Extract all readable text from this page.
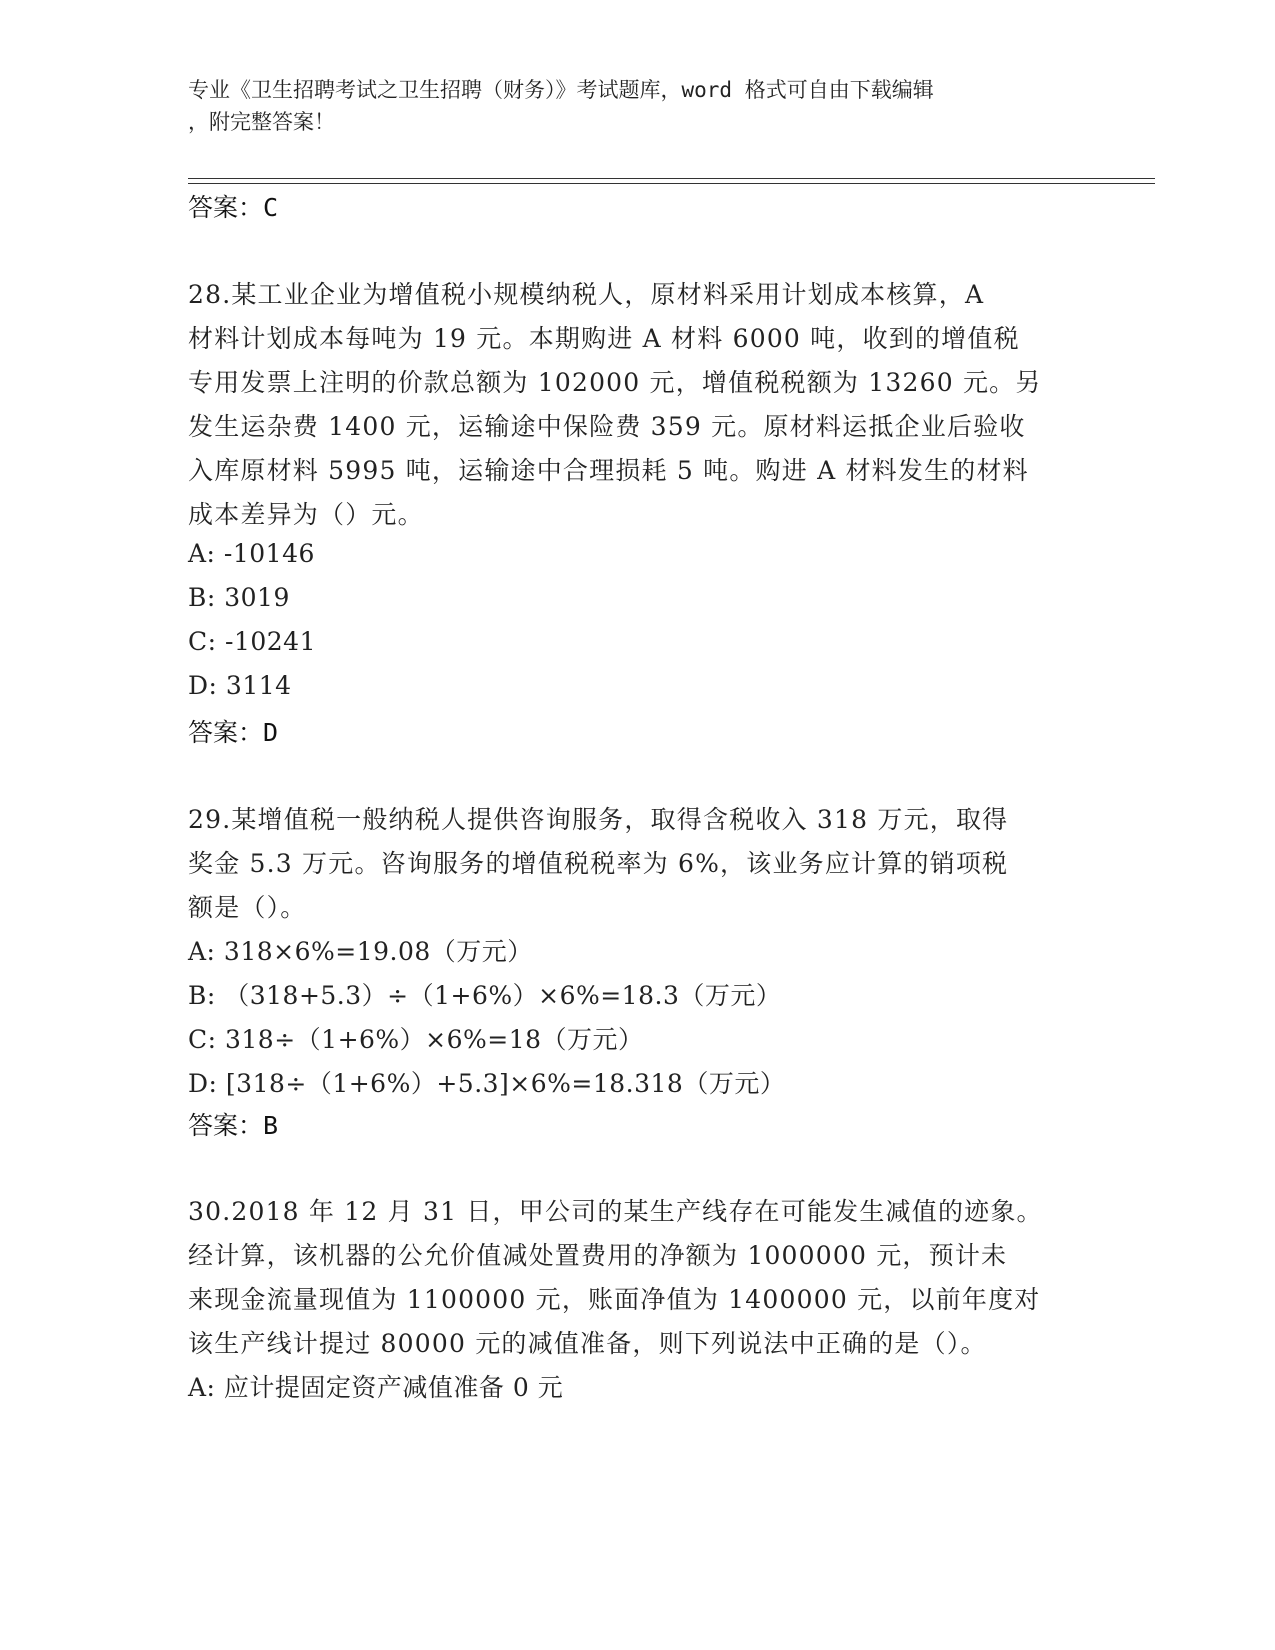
专业《卫生招聘考试之卫生招聘（财务）》考试题库，word 格式可自由下载编辑
，附完整答案！
答案：C
28.某工业企业为增值税小规模纳税人，原材料采用计划成本核算，A
材料计划成本每吨为 19 元。本期购进 A 材料 6000 吨，收到的增值税
专用发票上注明的价款总额为 102000 元，增值税税额为 13260 元。另
发生运杂费 1400 元，运输途中保险费 359 元。原材料运抵企业后验收
入库原材料 5995 吨，运输途中合理损耗 5 吨。购进 A 材料发生的材料
成本差异为（）元。
A: -10146
B: 3019
C: -10241
D: 3114
答案：D
29.某增值税一般纳税人提供咨询服务，取得含税收入 318 万元，取得
奖金 5.3 万元。咨询服务的增值税税率为 6%，该业务应计算的销项税
额是（）。
A: 318×6%=19.08（万元）
B: （318+5.3）÷（1+6%）×6%=18.3（万元）
C: 318÷（1+6%）×6%=18（万元）
D: [318÷（1+6%）+5.3]×6%=18.318（万元）
答案：B
30.2018 年 12 月 31 日，甲公司的某生产线存在可能发生减值的迹象。
经计算，该机器的公允价值减处置费用的净额为 1000000 元，预计未
来现金流量现值为 1100000 元，账面净值为 1400000 元，以前年度对
该生产线计提过 80000 元的减值准备，则下列说法中正确的是（）。
A: 应计提固定资产减值准备 0 元
